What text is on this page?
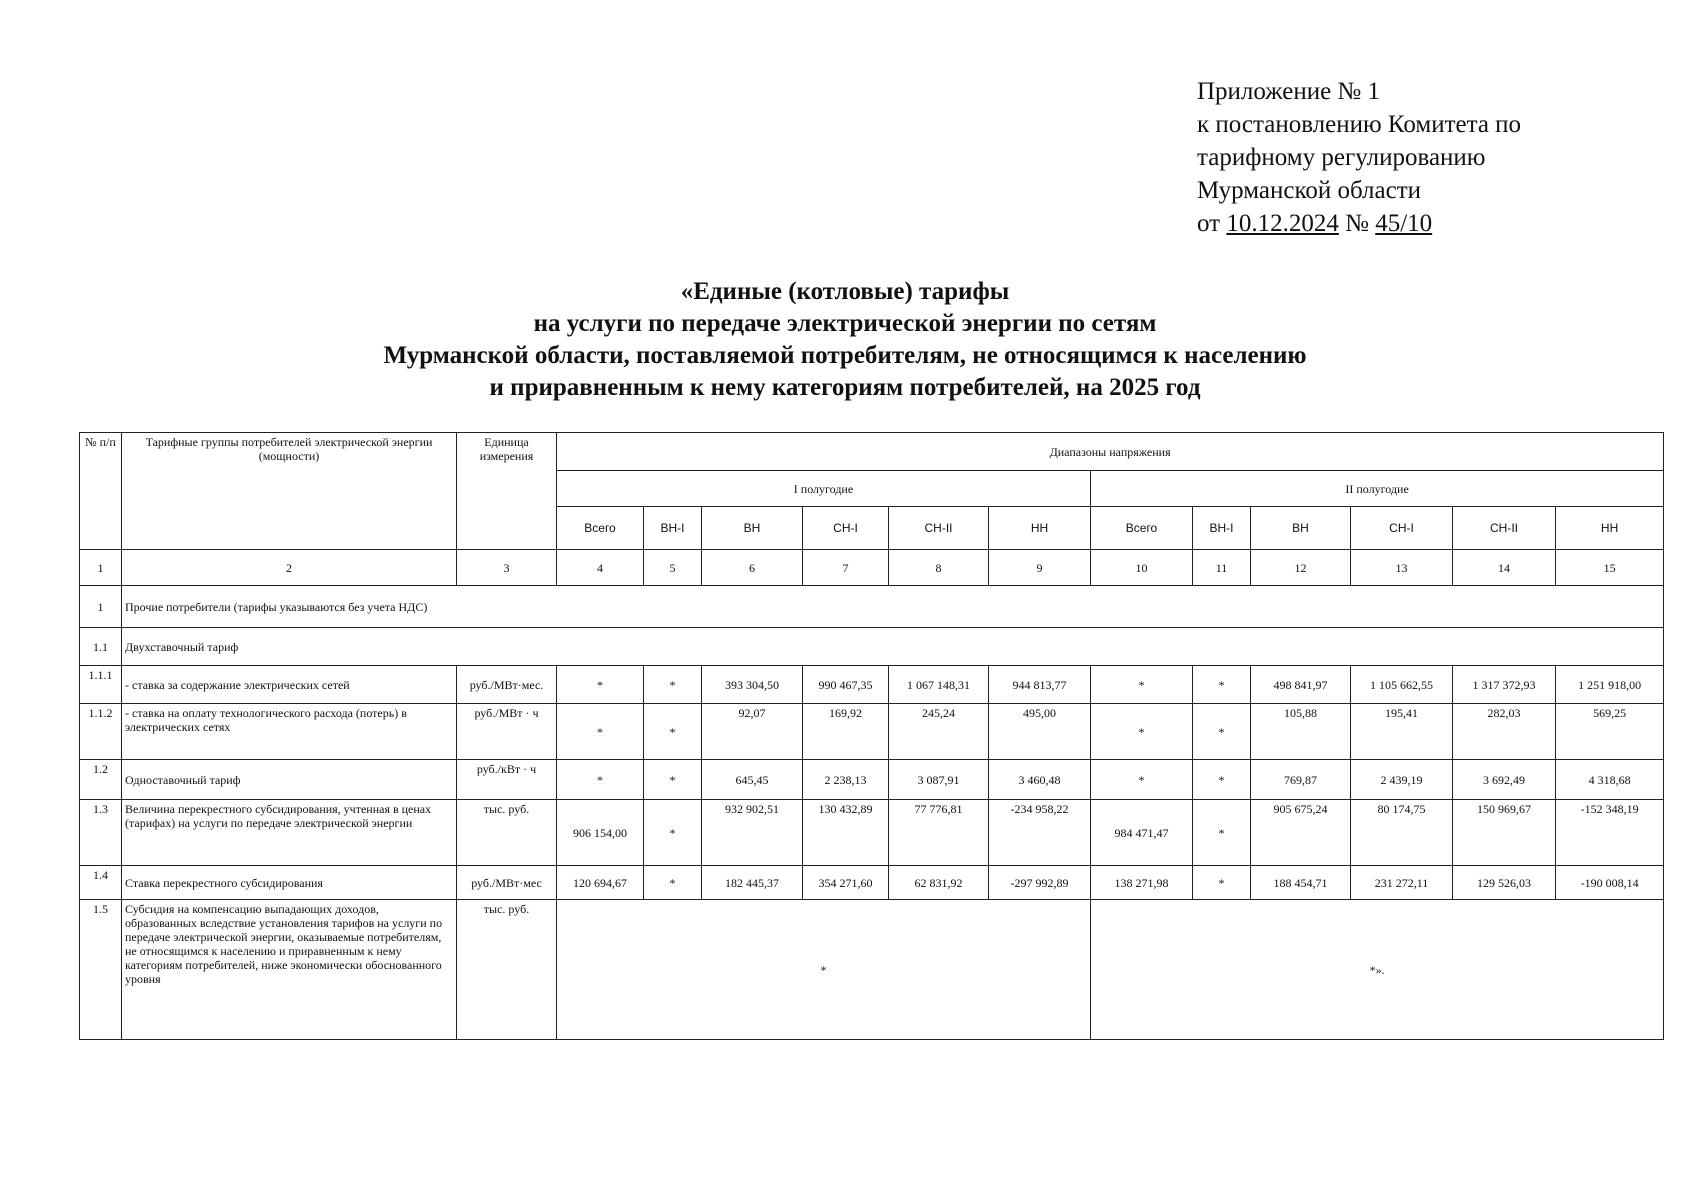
Приложение № 1
к постановлению Комитета по
тарифному регулированию
Мурманской области
от 10.12.2024 № 45/10
«Единые (котловые) тарифы
на услуги по передаче электрической энергии по сетям
Мурманской области, поставляемой потребителям, не относящимся к населению
и приравненным к нему категориям потребителей, на 2025 год
№ п/п	Тарифные группы потребителей электрической энергии (мощности)	Единица измерения	Диапазоны напряжения											
			I полугодие						II полугодие					
			Всего	ВН-I	ВН	СН-I	СН-II	НН	Всего	ВН-I	ВН	СН-I	СН-II	НН
1	2	3	4	5	6	7	8	9	10	11	12	13	14	15
1	Прочие потребители (тарифы указываются без учета НДС)													
1.1	Двухставочный тариф													
1.1.1	- ставка за содержание электрических сетей	руб./МВт·мес.	*	*	393 304,50	990 467,35	1 067 148,31	944 813,77	*	*	498 841,97	1 105 662,55	1 317 372,93	1 251 918,00
1.1.2	- ставка на оплату технологического расхода (потерь) в электрических сетях	руб./МВт · ч	*	*	92,07	169,92	245,24	495,00	*	*	105,88	195,41	282,03	569,25
1.2	Одноставочный тариф	руб./кВт · ч	*	*	645,45	2 238,13	3 087,91	3 460,48	*	*	769,87	2 439,19	3 692,49	4 318,68
1.3	Величина перекрестного субсидирования, учтенная в ценах (тарифах) на услуги по передаче электрической энергии	тыс. руб.	906 154,00	*	932 902,51	130 432,89	77 776,81	-234 958,22	984 471,47	*	905 675,24	80 174,75	150 969,67	-152 348,19
1.4	Ставка перекрестного субсидирования	руб./МВт·мес	120 694,67	*	182 445,37	354 271,60	62 831,92	-297 992,89	138 271,98	*	188 454,71	231 272,11	129 526,03	-190 008,14
1.5	Субсидия на компенсацию выпадающих доходов, образованных вследствие установления тарифов на услуги по передаче электрической энергии, оказываемые потребителям, не относящимся к населению и приравненным к нему категориям потребителей, ниже экономически обоснованного уровня	тыс. руб.	*						*».					
